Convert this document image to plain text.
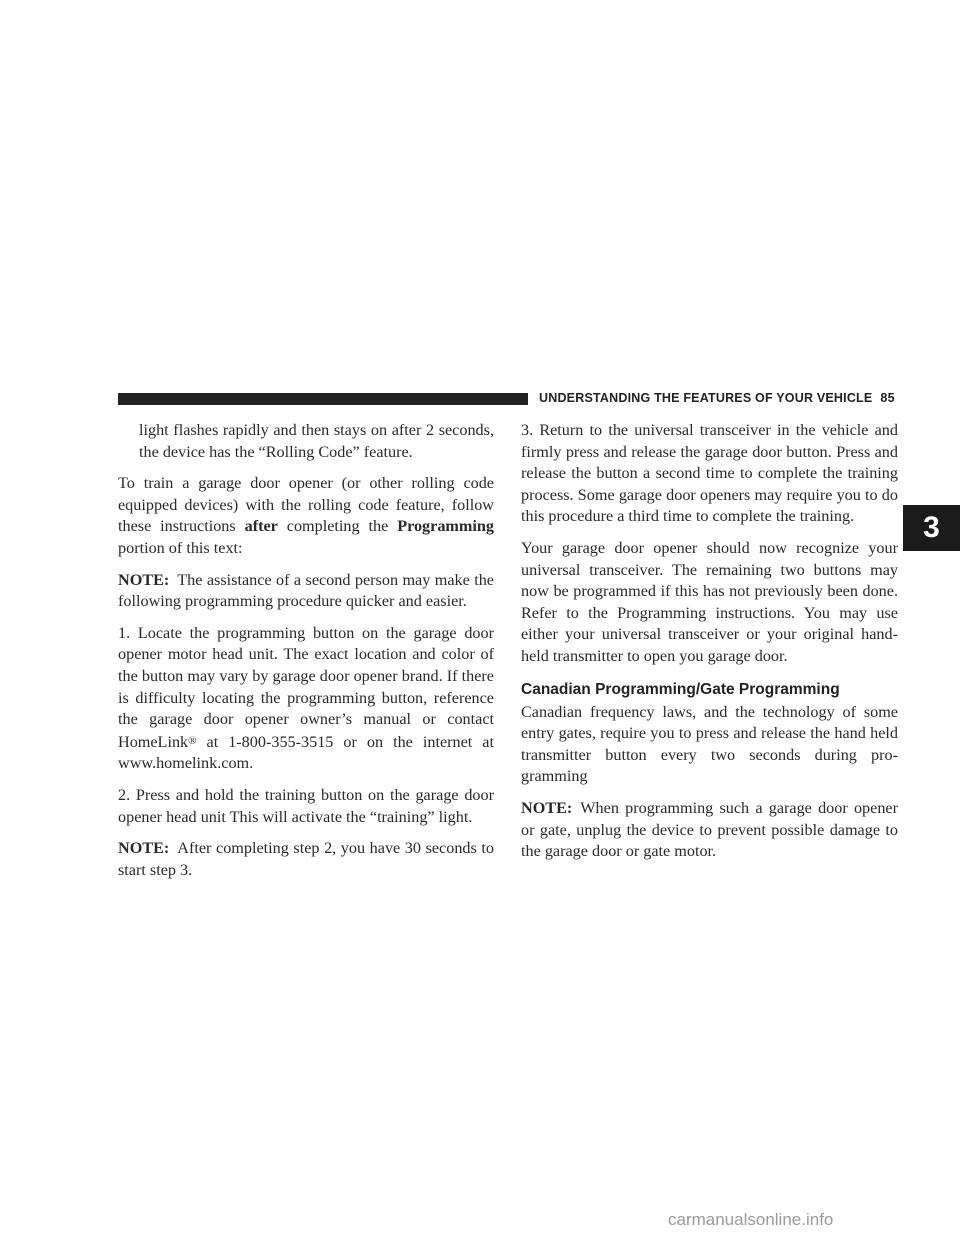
UNDERSTANDING THE FEATURES OF YOUR VEHICLE 85
3

light flashes rapidly and then stays on after 2 seconds, the device has the “Rolling Code” feature.

To train a garage door opener (or other rolling code equipped devices) with the rolling code feature, follow these instructions after completing the Programming portion of this text:

NOTE: The assistance of a second person may make the following programming procedure quicker and easier.

1. Locate the programming button on the garage door opener motor head unit. The exact location and color of the button may vary by garage door opener brand. If there is difficulty locating the programming button, reference the garage door opener owner’s manual or contact HomeLink® at 1-800-355-3515 or on the internet at www.homelink.com.

2. Press and hold the training button on the garage door opener head unit This will activate the “training” light.

NOTE: After completing step 2, you have 30 seconds to start step 3.

3. Return to the universal transceiver in the vehicle and firmly press and release the garage door button. Press and release the button a second time to complete the training process. Some garage door openers may require you to do this procedure a third time to complete the training.

Your garage door opener should now recognize your universal transceiver. The remaining two buttons may now be programmed if this has not previously been done. Refer to the Programming instructions. You may use either your universal transceiver or your original hand-held transmitter to open you garage door.

Canadian Programming/Gate Programming

Canadian frequency laws, and the technology of some entry gates, require you to press and release the hand held transmitter button every two seconds during pro- gramming

NOTE: When programming such a garage door opener or gate, unplug the device to prevent possible damage to the garage door or gate motor.

carmanualsonline.info
